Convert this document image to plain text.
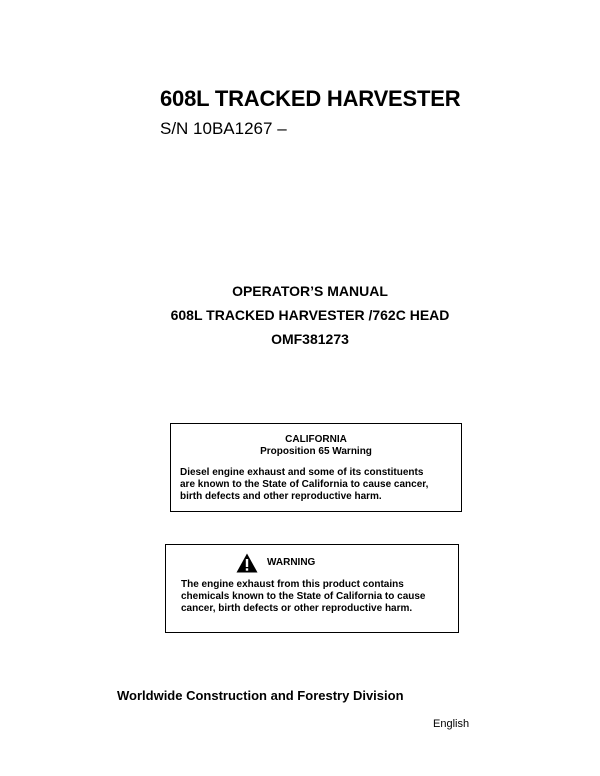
608L TRACKED HARVESTER
S/N 10BA1267 –
OPERATOR’S MANUAL
608L TRACKED HARVESTER /762C HEAD
OMF381273
CALIFORNIA
Proposition 65 Warning
Diesel engine exhaust and some of its constituents
are known to the State of California to cause cancer,
birth defects and other reproductive harm.
WARNING
The engine exhaust from this product contains
chemicals known to the State of California to cause
cancer, birth defects or other reproductive harm.
Worldwide Construction and Forestry Division
English
